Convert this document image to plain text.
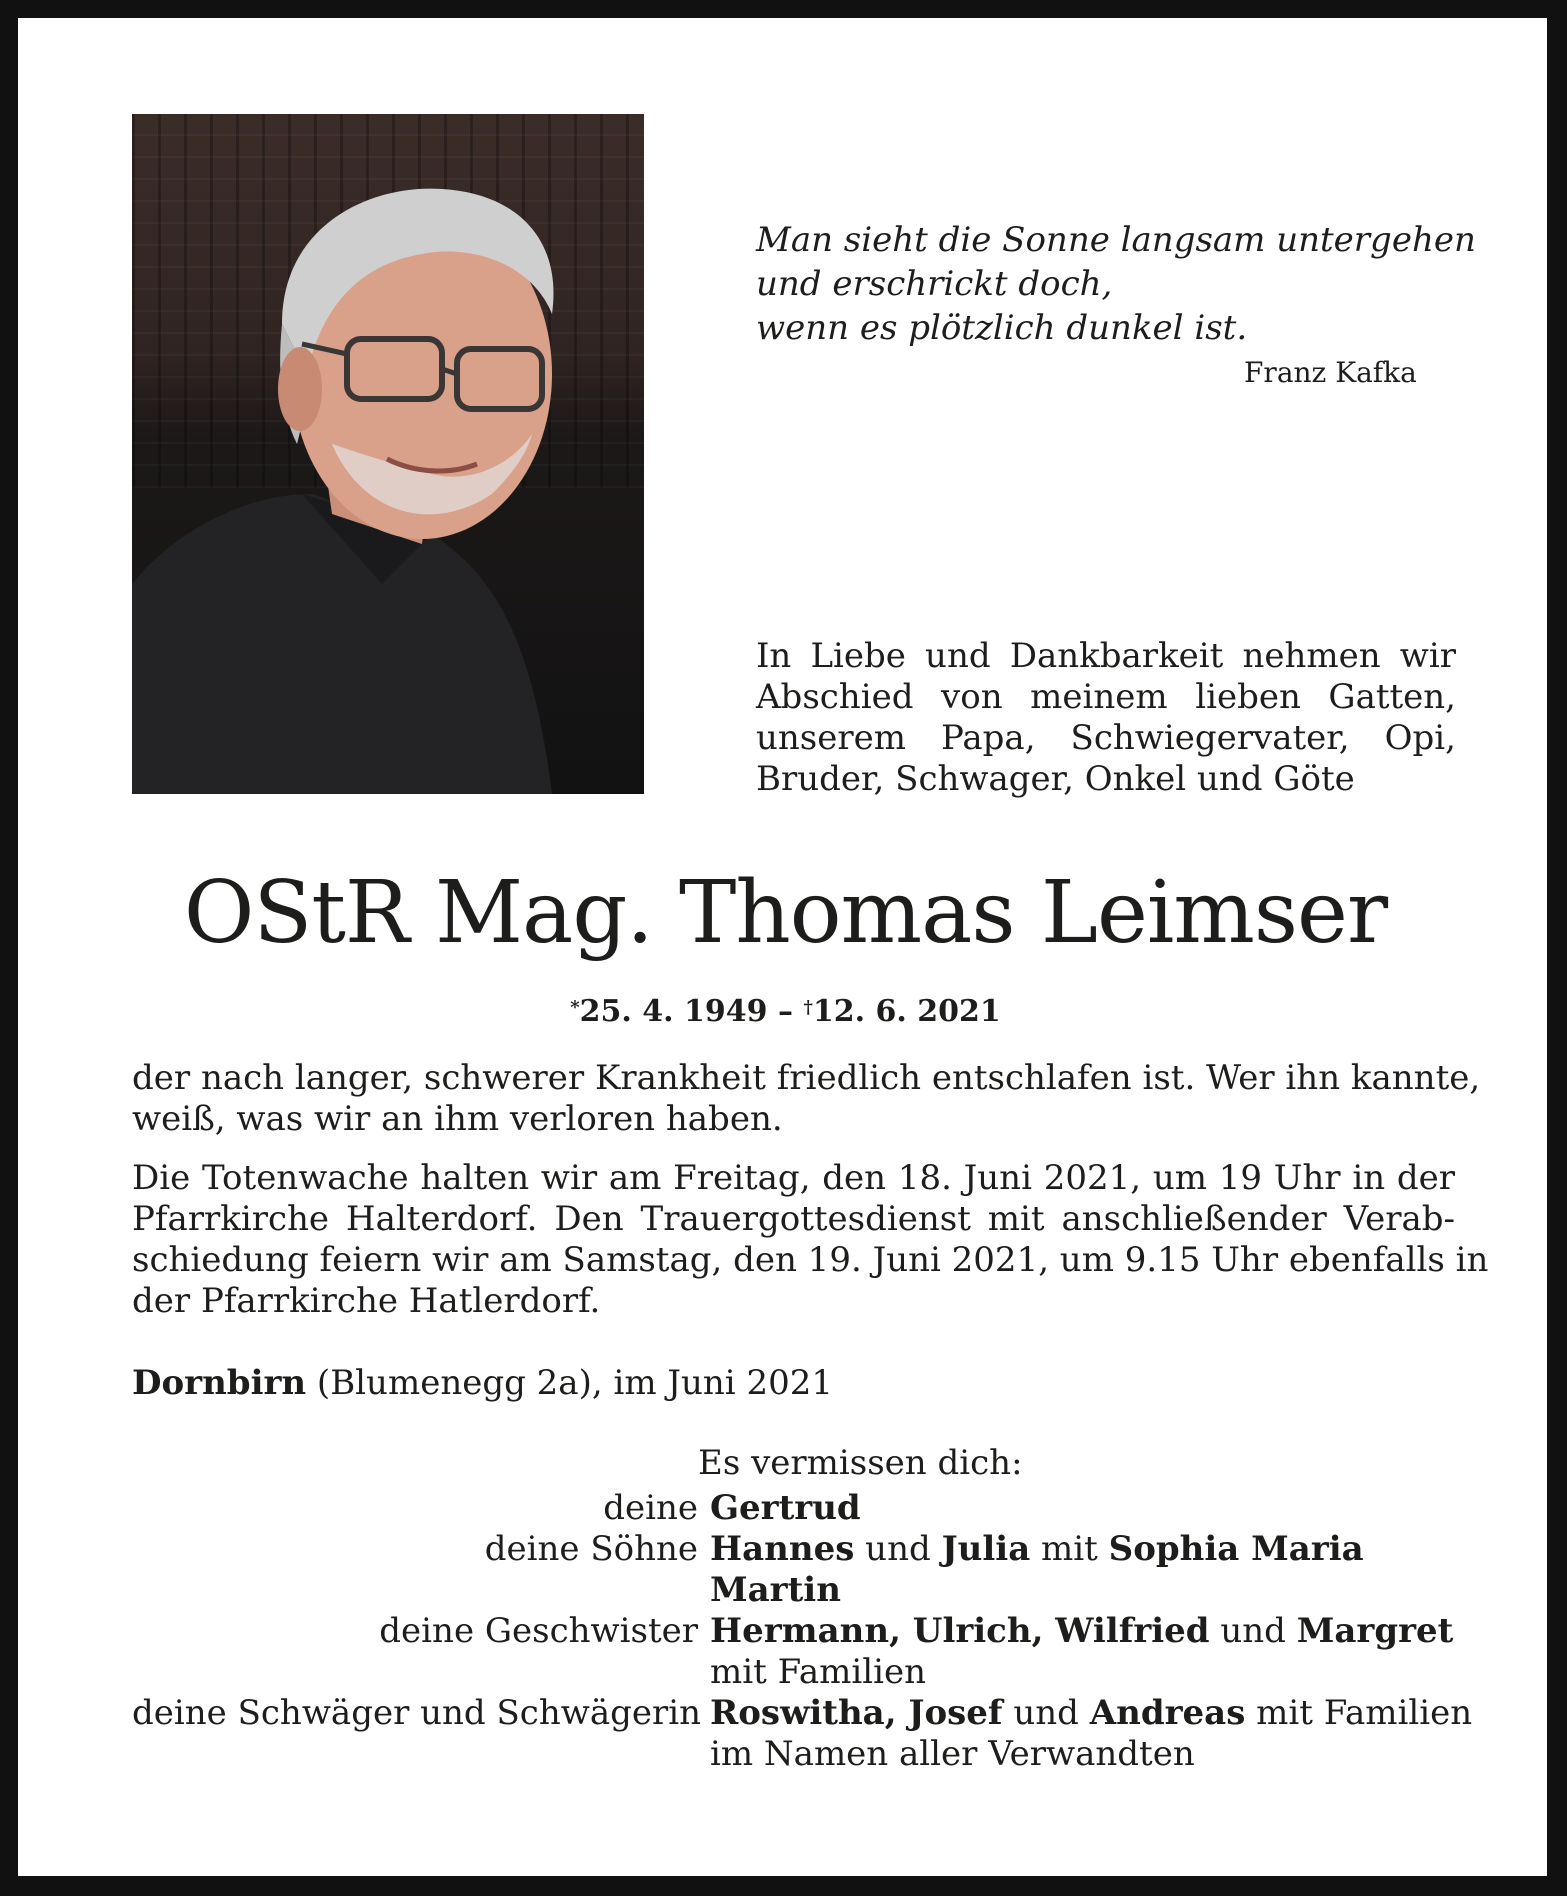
Man sieht die Sonne langsam untergehen
und erschrickt doch,
wenn es plötzlich dunkel ist.
Franz Kafka
In Liebe und Dankbarkeit nehmen wir
Abschied von meinem lieben Gatten,
unserem Papa, Schwiegervater, Opi,
Bruder, Schwager, Onkel und Göte
OStR Mag. Thomas Leimser
*25. 4. 1949 – †12. 6. 2021
der nach langer, schwerer Krankheit friedlich entschlafen ist. Wer ihn kannte,
weiß, was wir an ihm verloren haben.
Die Totenwache halten wir am Freitag, den 18. Juni 2021, um 19 Uhr in der
Pfarrkirche Halterdorf. Den Trauergottesdienst mit anschließender Verab-
schiedung feiern wir am Samstag, den 19. Juni 2021, um 9.15 Uhr ebenfalls in
der Pfarrkirche Hatlerdorf.
Dornbirn (Blumenegg 2a), im Juni 2021
Es vermissen dich:
deine Gertrud
deine Söhne Hannes und Julia mit Sophia Maria
Martin
deine Geschwister Hermann, Ulrich, Wilfried und Margret
mit Familien
deine Schwäger und Schwägerin Roswitha, Josef und Andreas mit Familien
im Namen aller Verwandten
